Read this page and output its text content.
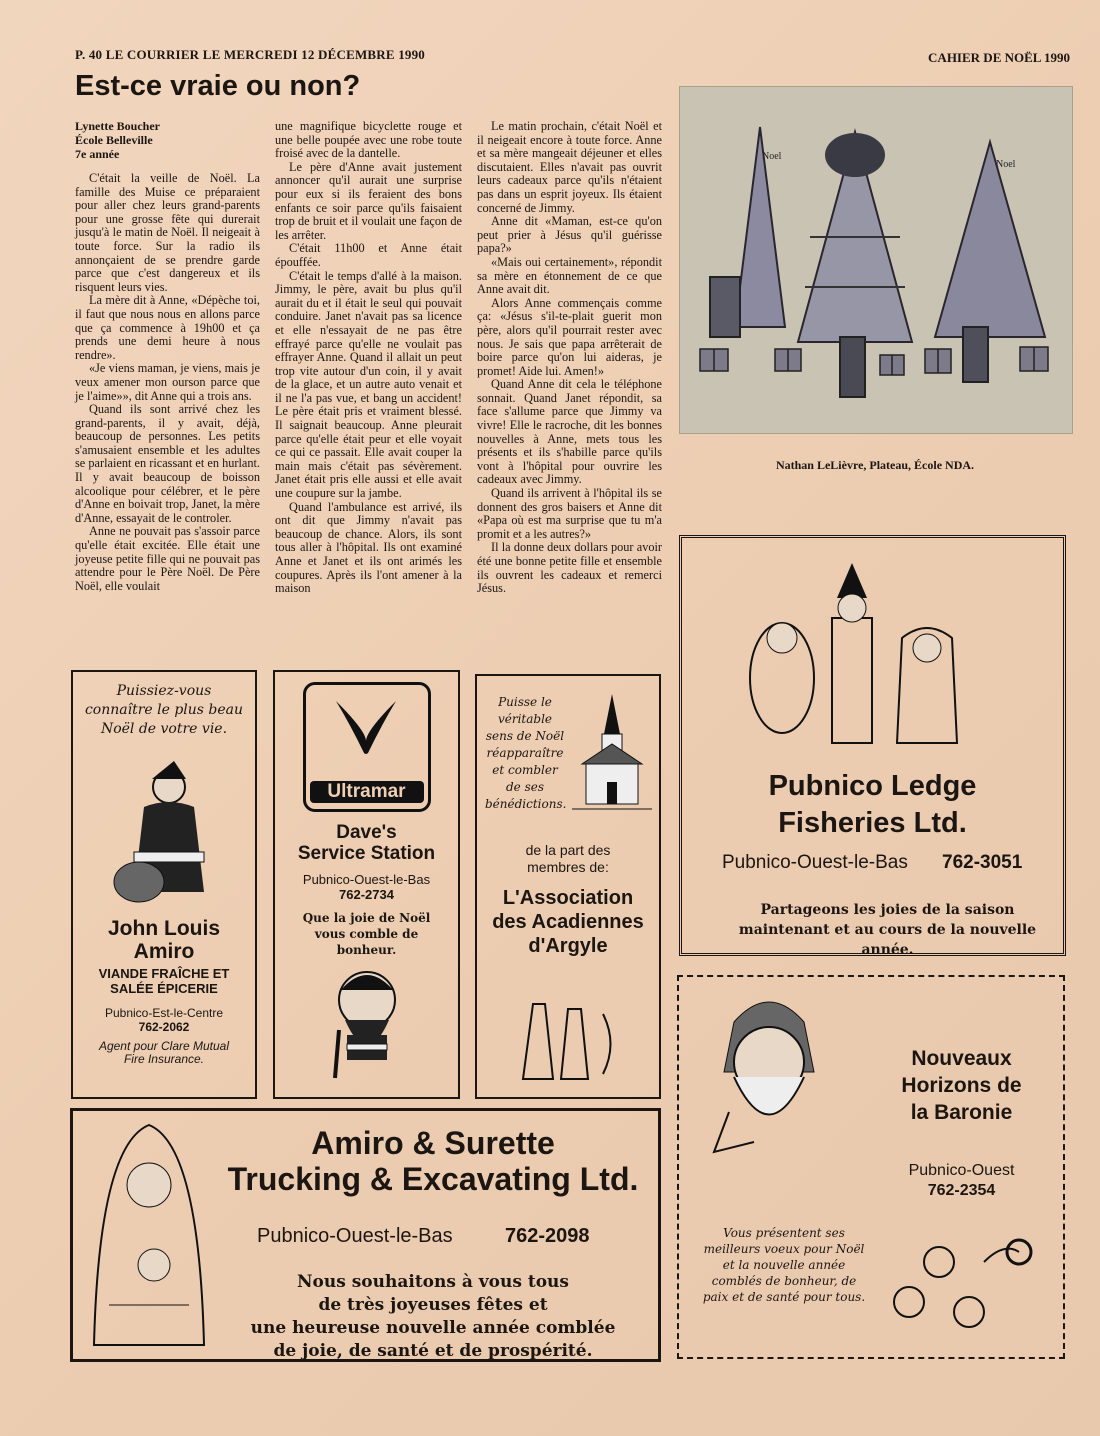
P. 40 LE COURRIER LE MERCREDI 12 DÉCEMBRE 1990	CAHIER DE NOËL 1990
Est-ce vraie ou non?
Lynette Boucher
École Belleville
7e année

C'était la veille de Noël. La famille des Muise ce préparaient pour aller chez leurs grand-parents pour une grosse fête qui durerait jusqu'à le matin de Noël. Il neigeait à toute force. Sur la radio ils annonçaient de se prendre garde parce que c'est dangereux et ils risquent leurs vies.

La mère dit à Anne, «Dépèche toi, il faut que nous nous en allons parce que ça commence à 19h00 et ça prends une demi heure à nous rendre».

«Je viens maman, je viens, mais je veux amener mon ourson parce que je l'aime»», dit Anne qui a trois ans.

Quand ils sont arrivé chez les grand-parents, il y avait, déjà, beaucoup de personnes. Les petits s'amusaient ensemble et les adultes se parlaient en ricassant et en hurlant. Il y avait beaucoup de boisson alcoolique pour célébrer, et le père d'Anne en boivait trop, Janet, la mère d'Anne, essayait de le controler.

Anne ne pouvait pas s'assoir parce qu'elle était excitée. Elle était une joyeuse petite fille qui ne pouvait pas attendre pour le Père Noël. De Père Noël, elle voulait

une magnifique bicyclette rouge et une belle poupée avec une robe toute froisé avec de la dantelle.

Le père d'Anne avait justement annoncer qu'il aurait une surprise pour eux si ils feraient des bons enfants ce soir parce qu'ils faisaient trop de bruit et il voulait une façon de les arrêter.

C'était 11h00 et Anne était épouffée.

C'était le temps d'allé à la maison. Jimmy, le père, avait bu plus qu'il aurait du et il était le seul qui pouvait conduire. Janet n'avait pas sa licence et elle n'essayait de ne pas être effrayé parce qu'elle ne voulait pas effrayer Anne. Quand il allait un peut trop vite autour d'un coin, il y avait de la glace, et un autre auto venait et il ne l'a pas vue, et bang un accident! Le père était pris et vraiment blessé. Il saignait beaucoup. Anne pleurait parce qu'elle était peur et elle voyait ce qui ce passait. Elle avait couper la main mais c'était pas sévèrement. Janet était pris elle aussi et elle avait une coupure sur la jambe.

Quand l'ambulance est arrivé, ils ont dit que Jimmy n'avait pas beaucoup de chance. Alors, ils sont tous aller à l'hôpital. Ils ont examiné Anne et Janet et ils ont arimés les coupures. Après ils l'ont amener à la maison

Le matin prochain, c'était Noël et il neigeait encore à toute force. Anne et sa mère mangeait déjeuner et elles discutaient. Elles n'avait pas ouvrit leurs cadeaux parce qu'ils n'étaient pas dans un esprit joyeux. Ils étaient concerné de Jimmy.

Anne dit «Maman, est-ce qu'on peut prier à Jésus qu'il guérisse papa?»

«Mais oui certainement», répondit sa mère en étonnement de ce que Anne avait dit.

Alors Anne commençais comme ça: «Jésus s'il-te-plait guerit mon père, alors qu'il pourrait rester avec nous. Je sais que papa arrêterait de boire parce qu'on lui aideras, je promet! Aide lui. Amen!»

Quand Anne dit cela le téléphone sonnait. Quand Janet répondit, sa face s'allume parce que Jimmy va vivre! Elle le racroche, dit les bonnes nouvelles à Anne, mets tous les présents et ils s'habille parce qu'ils vont à l'hôpital pour ouvrire les cadeaux avec Jimmy.

Quand ils arrivent à l'hôpital ils se donnent des gros baisers et Anne dit «Papa où est ma surprise que tu m'a promit et a les autres?»

Il la donne deux dollars pour avoir été une bonne petite fille et ensemble ils ouvrent les cadeaux et remerci Jésus.

Noel
Noel
Nathan LeLièvre, Plateau, École NDA.
Puissiez-vous connaître le plus beau Noël de votre vie.
John Louis
Amiro
VIANDE FRAÎCHE ET
SALÉE ÉPICERIE
Pubnico-Est-le-Centre
762-2062
Agent pour Clare Mutual Fire Insurance.
Ultramar
Dave's
Service Station
Pubnico-Ouest-le-Bas
762-2734
Que la joie de Noël vous comble de bonheur.
Puisse le véritable sens de Noël réapparaître et combler de ses bénédictions.
de la part des membres de:
L'Association des Acadiennes d'Argyle
Pubnico Ledge
Fisheries Ltd.
Pubnico-Ouest-le-Bas 762-3051
Partageons les joies de la saison maintenant et au cours de la nouvelle année.
Nouveaux
Horizons de
la Baronie
Pubnico-Ouest
762-2354
Vous présentent ses meilleurs voeux pour Noël et la nouvelle année comblés de bonheur, de paix et de santé pour tous.
Amiro & Surette
Trucking & Excavating Ltd.
Pubnico-Ouest-le-Bas	762-2098
Nous souhaitons à vous tous
de très joyeuses fêtes et
une heureuse nouvelle année comblée
de joie, de santé et de prospérité.
